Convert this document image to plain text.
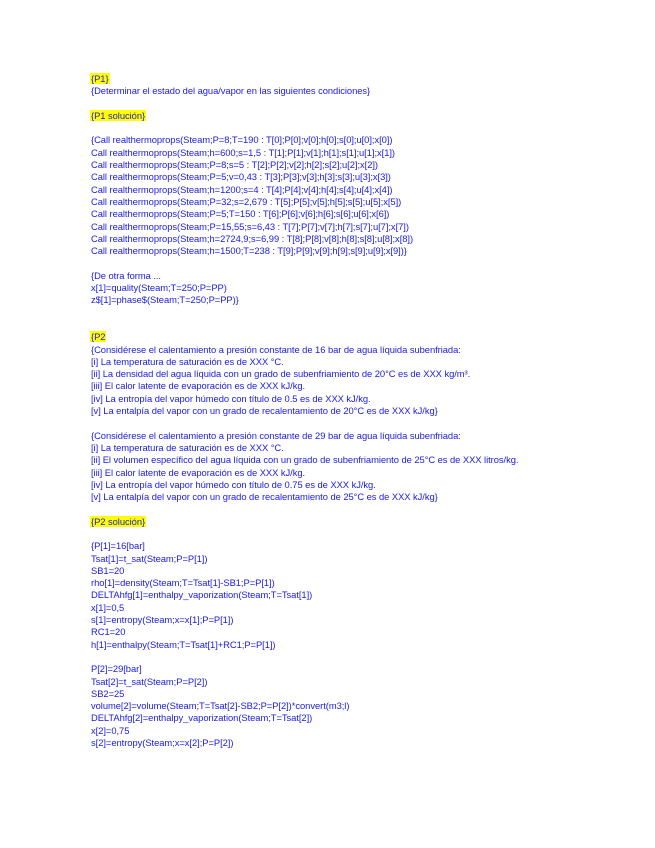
{P1}
{Determinar el estado del agua/vapor en las siguientes condiciones}
{P1 solución}
{Call realthermoprops(Steam;P=8;T=190 : T[0];P[0];v[0];h[0];s[0];u[0];x[0])
Call realthermoprops(Steam;h=600;s=1,5 : T[1];P[1];v[1];h[1];s[1];u[1];x[1])
Call realthermoprops(Steam;P=8;s=5 : T[2];P[2];v[2];h[2];s[2];u[2];x[2])
Call realthermoprops(Steam;P=5;v=0,43 : T[3];P[3];v[3];h[3];s[3];u[3];x[3])
Call realthermoprops(Steam;h=1200;s=4 : T[4];P[4];v[4];h[4];s[4];u[4];x[4])
Call realthermoprops(Steam;P=32;s=2,679 : T[5];P[5];v[5];h[5];s[5];u[5];x[5])
Call realthermoprops(Steam;P=5;T=150 : T[6];P[6];v[6];h[6];s[6];u[6];x[6])
Call realthermoprops(Steam;P=15,55;s=6,43 : T[7];P[7];v[7];h[7];s[7];u[7];x[7])
Call realthermoprops(Steam;h=2724,9;s=6,99 : T[8];P[8];v[8];h[8];s[8];u[8];x[8])
Call realthermoprops(Steam;h=1500;T=238 : T[9];P[9];v[9];h[9];s[9];u[9];x[9])}
{De otra forma ...
x[1]=quality(Steam;T=250;P=PP)
z$[1]=phase$(Steam;T=250;P=PP)}
{P2
{Considérese el calentamiento a presión constante de 16 bar de agua líquida subenfriada:
[i] La temperatura de saturación es de XXX °C.
[ii] La densidad del agua líquida con un grado de subenfriamiento de 20°C es de XXX kg/m³.
[iii] El calor latente de evaporación es de XXX kJ/kg.
[iv] La entropía del vapor húmedo con título de 0.5 es de XXX kJ/kg.
[v] La entalpía del vapor con un grado de recalentamiento de 20°C es de XXX kJ/kg}
{Considérese el calentamiento a presión constante de 29 bar de agua líquida subenfriada:
[i] La temperatura de saturación es de XXX °C.
[ii] El volumen específico del agua líquida con un grado de subenfriamiento de 25°C es de XXX litros/kg.
[iii] El calor latente de evaporación es de XXX kJ/kg.
[iv] La entropía del vapor húmedo con título de 0.75 es de XXX kJ/kg.
[v] La entalpía del vapor con un grado de recalentamiento de 25°C es de XXX kJ/kg}
{P2 solución}
{P[1]=16[bar]
Tsat[1]=t_sat(Steam;P=P[1])
SB1=20
rho[1]=density(Steam;T=Tsat[1]-SB1;P=P[1])
DELTAhfg[1]=enthalpy_vaporization(Steam;T=Tsat[1])
x[1]=0,5
s[1]=entropy(Steam;x=x[1];P=P[1])
RC1=20
h[1]=enthalpy(Steam;T=Tsat[1]+RC1;P=P[1])
P[2]=29[bar]
Tsat[2]=t_sat(Steam;P=P[2])
SB2=25
volume[2]=volume(Steam;T=Tsat[2]-SB2;P=P[2])*convert(m3;l)
DELTAhfg[2]=enthalpy_vaporization(Steam;T=Tsat[2])
x[2]=0,75
s[2]=entropy(Steam;x=x[2];P=P[2])
